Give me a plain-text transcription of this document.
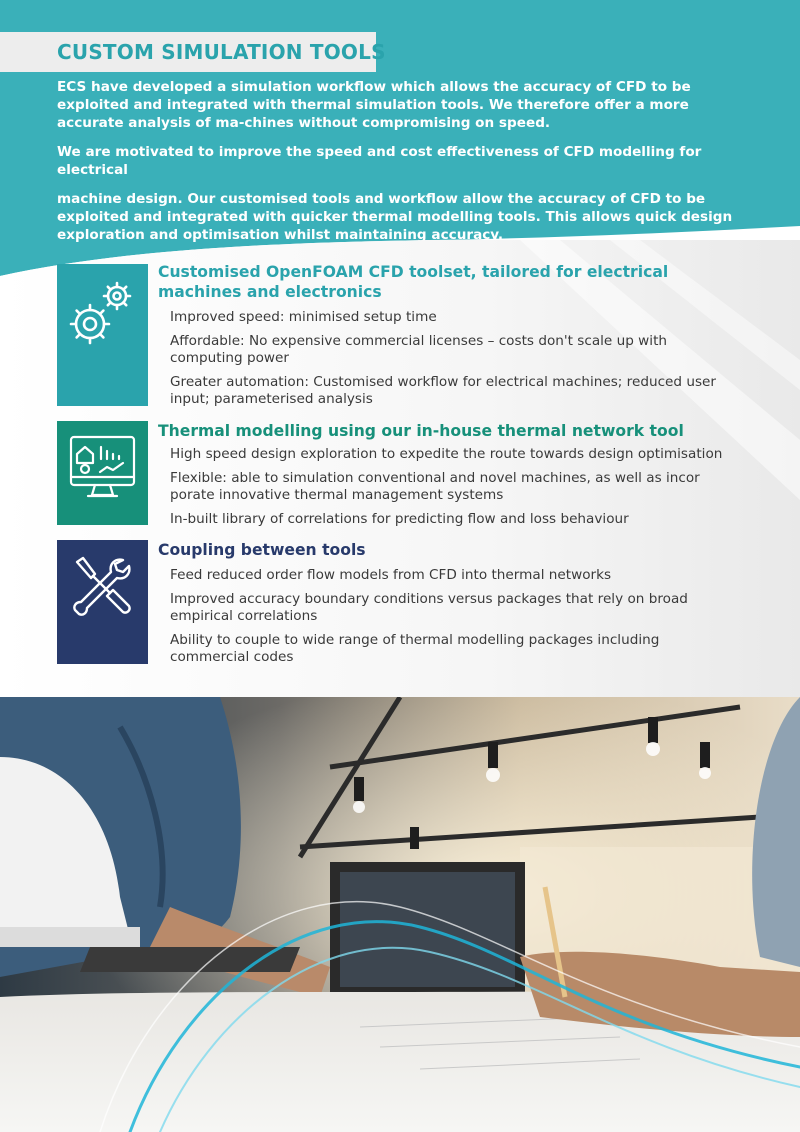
CUSTOM SIMULATION TOOLS

ECS have developed a simulation workflow which allows the accuracy of CFD to be exploited and integrated with thermal simulation tools. We therefore offer a more accurate analysis of ma-chines without compromising on speed.

We are motivated to improve the speed and cost effectiveness of CFD modelling for electrical

machine design. Our customised tools and workflow allow the accuracy of CFD to be exploited and integrated with quicker thermal modelling tools. This allows quick design exploration and optimisation whilst maintaining accuracy.

Customised OpenFOAM CFD toolset, tailored for electrical machines and electronics
Improved speed: minimised setup time
Affordable: No expensive commercial licenses – costs don't scale up with computing power
Greater automation: Customised workflow for electrical machines; reduced user input; parameterised analysis
Thermal modelling using our in-house thermal network tool
High speed design exploration to expedite the route towards design optimisation
Flexible: able to simulation conventional and novel machines, as well as incor porate innovative thermal management systems
In-built library of correlations for predicting flow and loss behaviour
Coupling between tools
Feed reduced order flow models from CFD into thermal networks
Improved accuracy boundary conditions versus packages that rely on broad empirical correlations
Ability to couple to wide range of thermal modelling packages including commercial codes
